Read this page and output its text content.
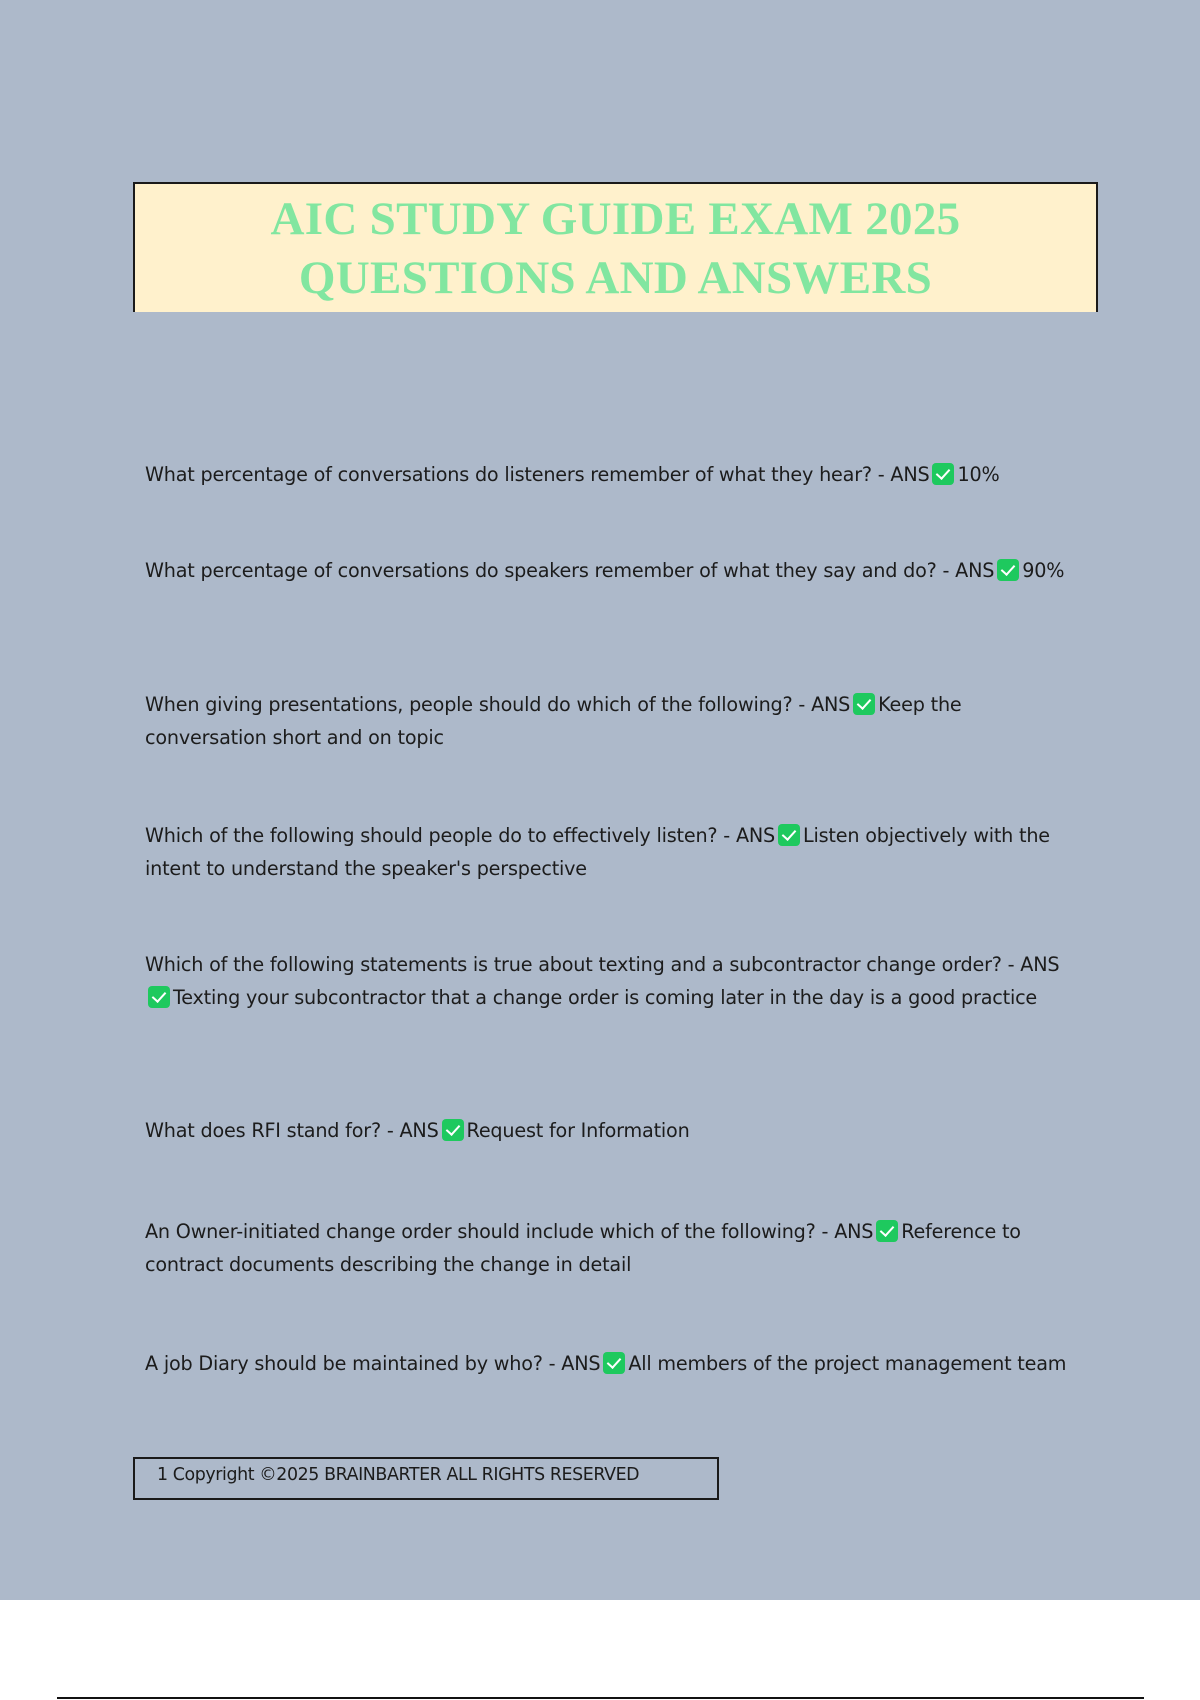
AIC STUDY GUIDE EXAM 2025
QUESTIONS AND ANSWERS
What percentage of conversations do listeners remember of what they hear? - ANS 10%
What percentage of conversations do speakers remember of what they say and do? - ANS 90%
When giving presentations, people should do which of the following? - ANS Keep the conversation short and on topic
Which of the following should people do to effectively listen? - ANS Listen objectively with the intent to understand the speaker's perspective
Which of the following statements is true about texting and a subcontractor change order? - ANSTexting your subcontractor that a change order is coming later in the day is a good practice
What does RFI stand for? - ANS Request for Information
An Owner-initiated change order should include which of the following? - ANS Reference to contract documents describing the change in detail
A job Diary should be maintained by who? - ANS All members of the project management team
1 Copyright ©2025 BRAINBARTER ALL RIGHTS RESERVED
